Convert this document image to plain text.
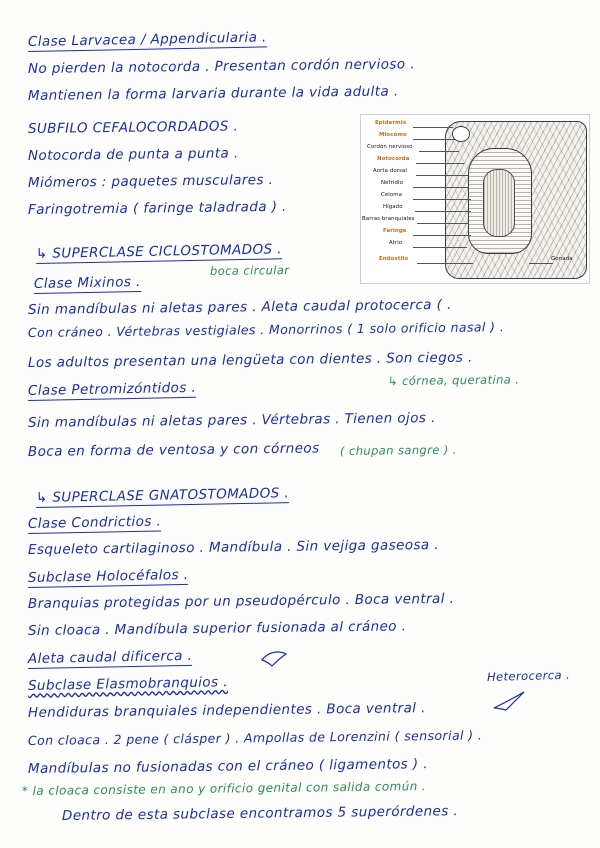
Clase Larvacea / Appendicularia .
No pierden la notocorda . Presentan cordón nervioso .
Mantienen la forma larvaria durante la vida adulta .
SUBFILO CEFALOCORDADOS .
Notocorda de punta a punta .
Miómeros : paquetes musculares .
Faringotremia ( faringe taladrada ) .
↳ SUPERCLASE CICLOSTOMADOS .
boca circular
Clase Mixinos .
Sin mandíbulas ni aletas pares . Aleta caudal protocerca ( .
Con cráneo . Vértebras vestigiales . Monorrinos ( 1 solo orificio nasal ) .
Los adultos presentan una lengüeta con dientes . Son ciegos .
↳ córnea, queratina .
Clase Petromizóntidos .
Sin mandíbulas ni aletas pares . Vértebras . Tienen ojos .
Boca en forma de ventosa y con córneos ( chupan sangre ) .
↳ SUPERCLASE GNATOSTOMADOS .
Clase Condrictios .
Esqueleto cartilaginoso . Mandíbula . Sin vejiga gaseosa .
Subclase Holocéfalos .
Branquias protegidas por un pseudopérculo . Boca ventral .
Sin cloaca . Mandíbula superior fusionada al cráneo .
Aleta caudal dificerca .
Subclase Elasmobranquios .	Heterocerca .
Hendiduras branquiales independientes . Boca ventral .
Con cloaca . 2 pene ( clásper ) . Ampollas de Lorenzini ( sensorial ) .
Mandíbulas no fusionadas con el cráneo ( ligamentos ) .
* la cloaca consiste en ano y orificio genital con salida común .
Dentro de esta subclase encontramos 5 superórdenes .
Epidermis
Miocomo
Cordón nervioso
Notocorda
Aorta dorsal
Nefridio
Celoma
Hígado
Barras branquiales
Faringe
Atrio
Endostilo	Gónada
